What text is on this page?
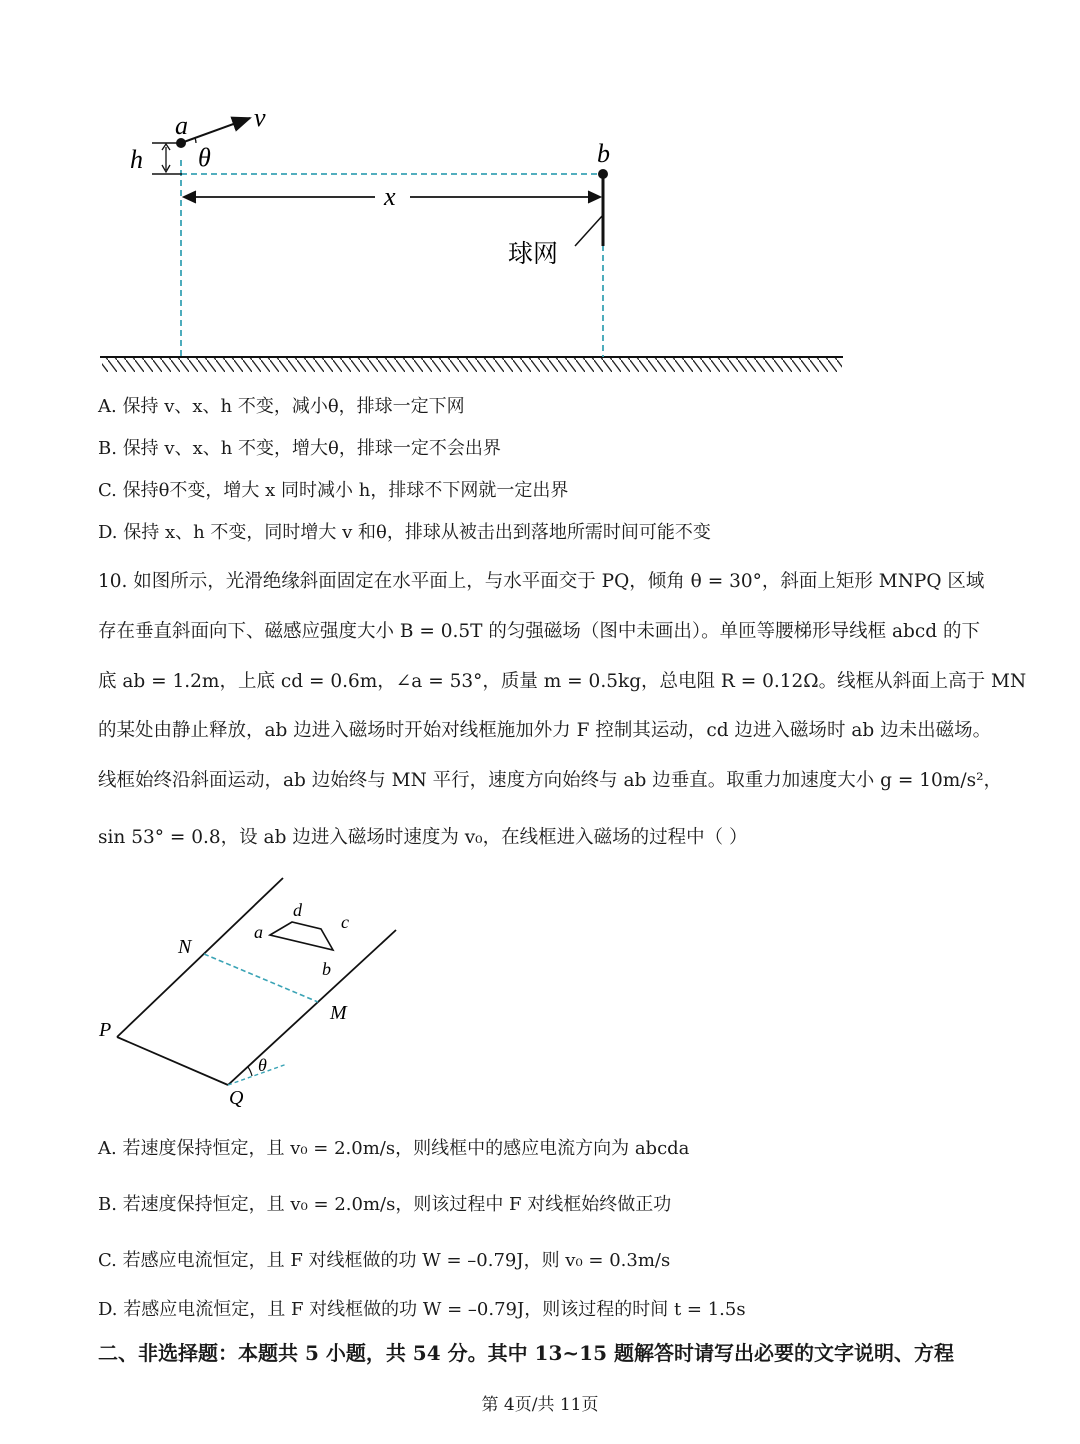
a	v
h θ	b
x
球网
A. 保持 v、x、h 不变，减小θ，排球一定下网
B. 保持 v、x、h 不变，增大θ，排球一定不会出界
C. 保持θ不变，增大 x 同时减小 h，排球不下网就一定出界
D. 保持 x、h 不变，同时增大 v 和θ，排球从被击出到落地所需时间可能不变
10. 如图所示，光滑绝缘斜面固定在水平面上，与水平面交于 PQ，倾角 θ = 30°，斜面上矩形 MNPQ 区域
存在垂直斜面向下、磁感应强度大小 B = 0.5T 的匀强磁场（图中未画出）。单匝等腰梯形导线框 abcd 的下
底 ab = 1.2m，上底 cd = 0.6m，∠a = 53°，质量 m = 0.5kg，总电阻 R = 0.12Ω。线框从斜面上高于 MN
的某处由静止释放，ab 边进入磁场时开始对线框施加外力 F 控制其运动，cd 边进入磁场时 ab 边未出磁场。
线框始终沿斜面运动，ab 边始终与 MN 平行，速度方向始终与 ab 边垂直。取重力加速度大小 g = 10m/s²，
sin 53° = 0.8，设 ab 边进入磁场时速度为 v₀，在线框进入磁场的过程中（ ）
N
M
P
Q
θ
a
d
c
b
A. 若速度保持恒定，且 v₀ = 2.0m/s，则线框中的感应电流方向为 abcda
B. 若速度保持恒定，且 v₀ = 2.0m/s，则该过程中 F 对线框始终做正功
C. 若感应电流恒定，且 F 对线框做的功 W = –0.79J，则 v₀ = 0.3m/s
D. 若感应电流恒定，且 F 对线框做的功 W = –0.79J，则该过程的时间 t = 1.5s
二、非选择题：本题共 5 小题，共 54 分。其中 13~15 题解答时请写出必要的文字说明、方程
第 4页/共 11页
